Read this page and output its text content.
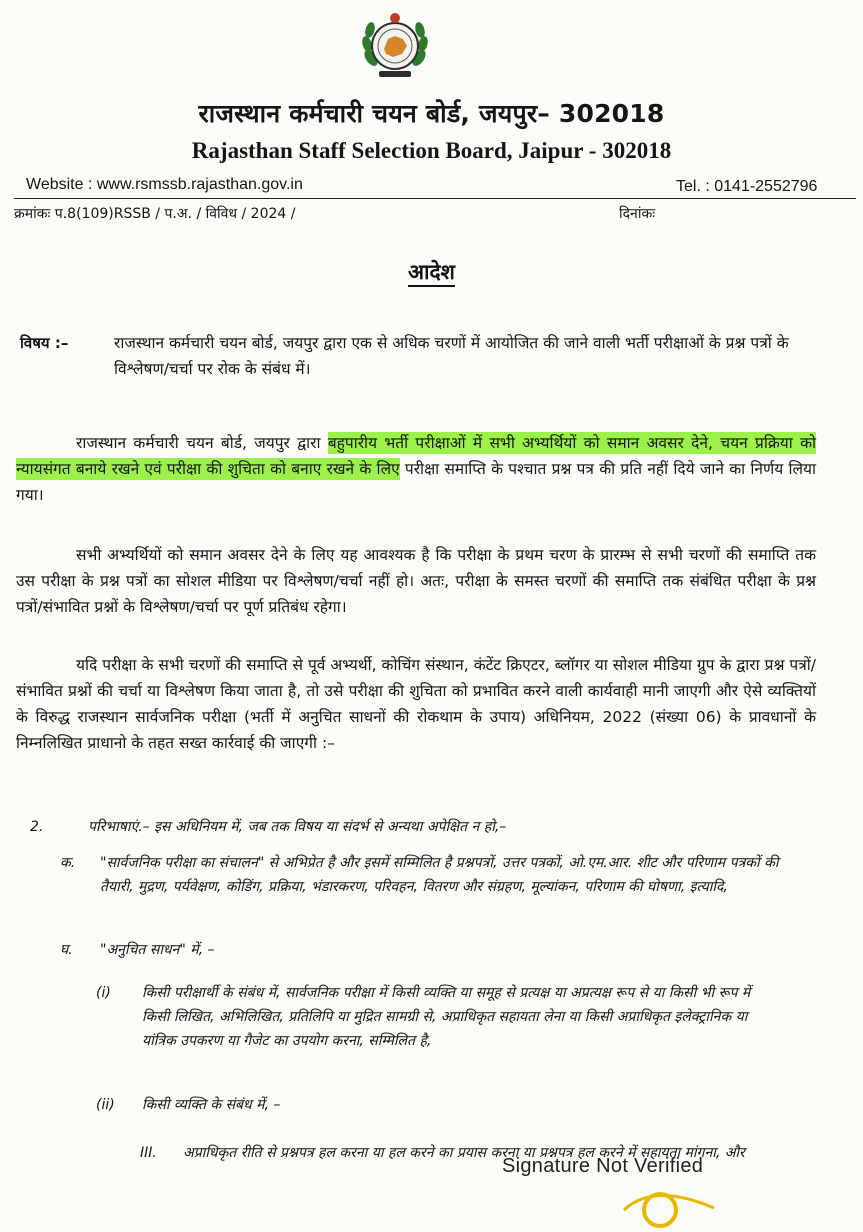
राजस्थान कर्मचारी चयन बोर्ड, जयपुर– 302018
Rajasthan Staff Selection Board, Jaipur - 302018
Website : www.rsmssb.rajasthan.gov.in	Tel. : 0141-2552796
क्रमांकः प.8(109)RSSB / प.अ. / विविध / 2024 /	दिनांकः
आदेश
विषय :–	राजस्थान कर्मचारी चयन बोर्ड, जयपुर द्वारा एक से अधिक चरणों में आयोजित की जाने वाली भर्ती परीक्षाओं के प्रश्न पत्रों के विश्लेषण/चर्चा पर रोक के संबंध में।
राजस्थान कर्मचारी चयन बोर्ड, जयपुर द्वारा बहुपारीय भर्ती परीक्षाओं में सभी अभ्यर्थियों को समान अवसर देने, चयन प्रक्रिया को न्यायसंगत बनाये रखने एवं परीक्षा की शुचिता को बनाए रखने के लिए परीक्षा समाप्ति के पश्चात प्रश्न पत्र की प्रति नहीं दिये जाने का निर्णय लिया गया।
सभी अभ्यर्थियों को समान अवसर देने के लिए यह आवश्यक है कि परीक्षा के प्रथम चरण के प्रारम्भ से सभी चरणों की समाप्ति तक उस परीक्षा के प्रश्न पत्रों का सोशल मीडिया पर विश्लेषण/चर्चा नहीं हो। अतः, परीक्षा के समस्त चरणों की समाप्ति तक संबंधित परीक्षा के प्रश्न पत्रों/संभावित प्रश्नों के विश्लेषण/चर्चा पर पूर्ण प्रतिबंध रहेगा।
यदि परीक्षा के सभी चरणों की समाप्ति से पूर्व अभ्यर्थी, कोचिंग संस्थान, कंटेंट क्रिएटर, ब्लॉगर या सोशल मीडिया ग्रुप के द्वारा प्रश्न पत्रों/संभावित प्रश्नों की चर्चा या विश्लेषण किया जाता है, तो उसे परीक्षा की शुचिता को प्रभावित करने वाली कार्यवाही मानी जाएगी और ऐसे व्यक्तियों के विरुद्ध राजस्थान सार्वजनिक परीक्षा (भर्ती में अनुचित साधनों की रोकथाम के उपाय) अधिनियम, 2022 (संख्या 06) के प्रावधानों के निम्नलिखित प्राधानो के तहत सख्त कार्रवाई की जाएगी :–
2.	परिभाषाएं.– इस अधिनियम में, जब तक विषय या संदर्भ से अन्यथा अपेक्षित न हो,–
क. "सार्वजनिक परीक्षा का संचालन" से अभिप्रेत है और इसमें सम्मिलित है प्रश्नपत्रों, उत्तर पत्रकों, ओ.एम.आर. शीट और परिणाम पत्रकों की तैयारी, मुद्रण, पर्यवेक्षण, कोडिंग, प्रक्रिया, भंडारकरण, परिवहन, वितरण और संग्रहण, मूल्यांकन, परिणाम की घोषणा, इत्यादि,
घ. "अनुचित साधन" में, –
(i) किसी परीक्षार्थी के संबंध में, सार्वजनिक परीक्षा में किसी व्यक्ति या समूह से प्रत्यक्ष या अप्रत्यक्ष रूप से या किसी भी रूप में किसी लिखित, अभिलिखित, प्रतिलिपि या मुद्रित सामग्री से, अप्राधिकृत सहायता लेना या किसी अप्राधिकृत इलेक्ट्रानिक या यांत्रिक उपकरण या गैजेट का उपयोग करना, सम्मिलित है,
(ii) किसी व्यक्ति के संबंध में, –
III. अप्राधिकृत रीति से प्रश्नपत्र हल करना या हल करने का प्रयास करना या प्रश्नपत्र हल करने में सहायता मांगना, और
Signature Not Verified
